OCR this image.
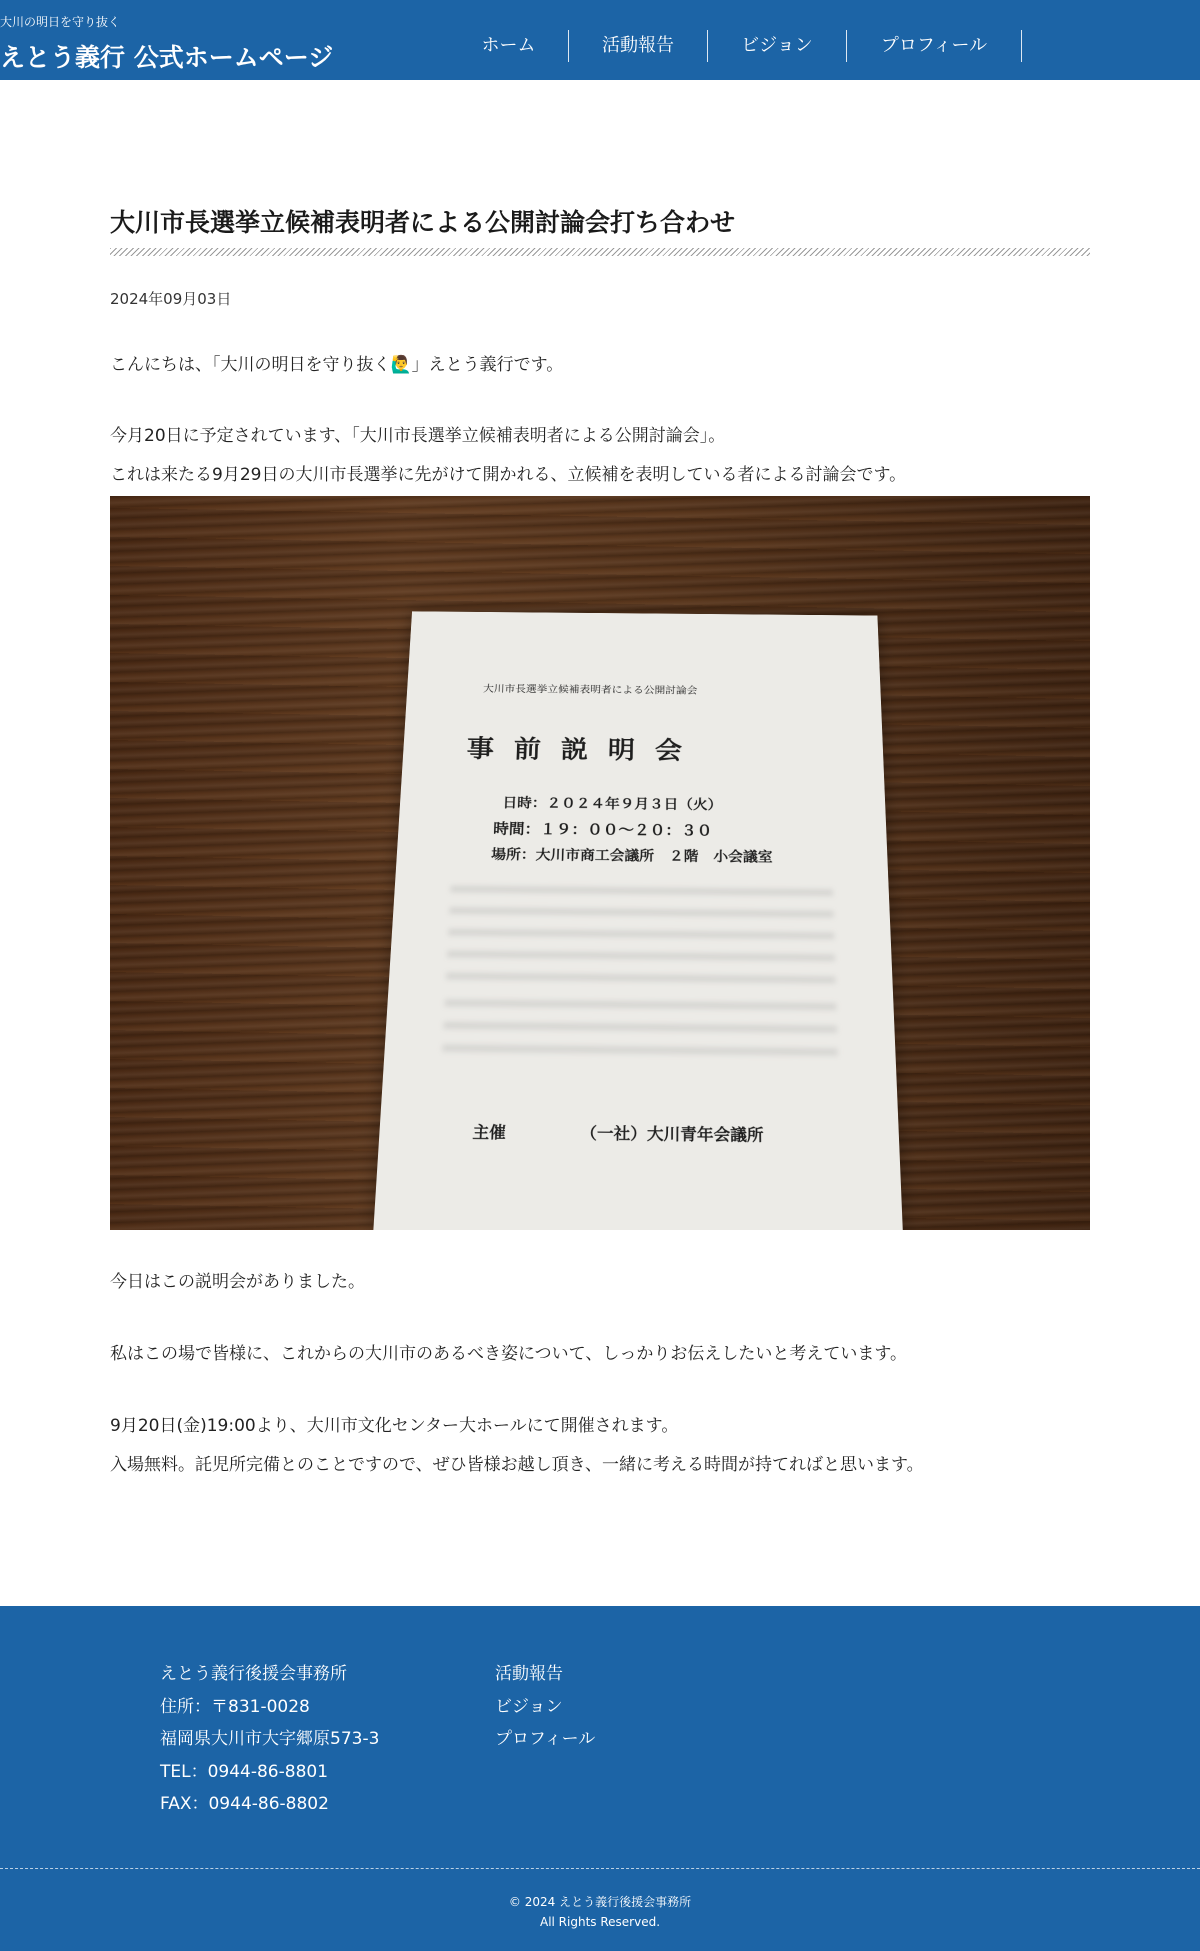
大川の明日を守り抜く
えとう義行 公式ホームページ	ホーム	活動報告	ビジョン	プロフィール
大川市長選挙立候補表明者による公開討論会打ち合わせ
2024年09月03日

こんにちは、「大川の明日を守り抜く🙋‍♂️」えとう義行です。

今月20日に予定されています、「大川市長選挙立候補表明者による公開討論会」。

これは来たる9月29日の大川市長選挙に先がけて開かれる、立候補を表明している者による討論会です。

今日はこの説明会がありました。

私はこの場で皆様に、これからの大川市のあるべき姿について、しっかりお伝えしたいと考えています。

9月20日(金)19:00より、大川市文化センター大ホールにて開催されます。

入場無料。託児所完備とのことですので、ぜひ皆様お越し頂き、一緒に考える時間が持てればと思います。

大川市長選挙立候補表明者による公開討論会
事前説明会
日時：２０２４年９月３日（火）
時間：１９：００～２０：３０
場所：大川市商工会議所　２階　小会議室
主催	（一社）大川青年会議所
えとう義行後援会事務所
住所：〒831-0028
福岡県大川市大字郷原573-3
TEL：0944-86-8801
FAX：0944-86-8802
活動報告
ビジョン
プロフィール
© 2024 えとう義行後援会事務所
All Rights Reserved.
